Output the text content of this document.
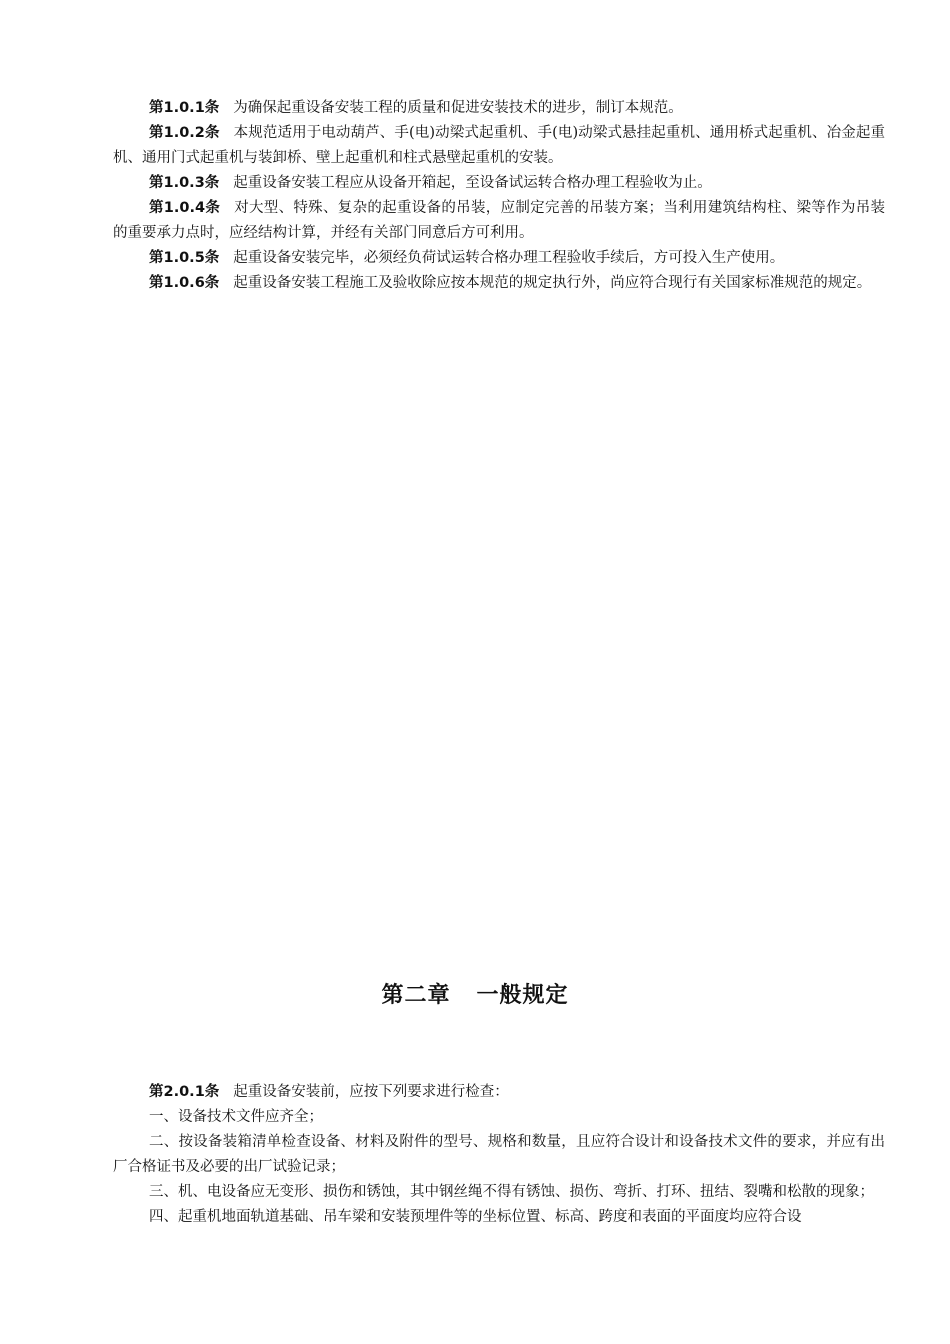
第1.0.1条 为确保起重设备安装工程的质量和促进安装技术的进步，制订本规范。

第1.0.2条 本规范适用于电动葫芦、手(电)动梁式起重机、手(电)动梁式悬挂起重机、通用桥式起重机、冶金起重机、通用门式起重机与装卸桥、壁上起重机和柱式悬壁起重机的安装。

第1.0.3条 起重设备安装工程应从设备开箱起，至设备试运转合格办理工程验收为止。

第1.0.4条 对大型、特殊、复杂的起重设备的吊装，应制定完善的吊装方案；当利用建筑结构柱、梁等作为吊装的重要承力点时，应经结构计算，并经有关部门同意后方可利用。

第1.0.5条 起重设备安装完毕，必须经负荷试运转合格办理工程验收手续后，方可投入生产使用。

第1.0.6条 起重设备安装工程施工及验收除应按本规范的规定执行外，尚应符合现行有关国家标准规范的规定。

第二章 一般规定

第2.0.1条 起重设备安装前，应按下列要求进行检查：

一、设备技术文件应齐全；

二、按设备装箱清单检查设备、材料及附件的型号、规格和数量，且应符合设计和设备技术文件的要求，并应有出厂合格证书及必要的出厂试验记录；

三、机、电设备应无变形、损伤和锈蚀，其中钢丝绳不得有锈蚀、损伤、弯折、打环、扭结、裂嘴和松散的现象；

四、起重机地面轨道基础、吊车梁和安装预埋件等的坐标位置、标高、跨度和表面的平面度均应符合设
